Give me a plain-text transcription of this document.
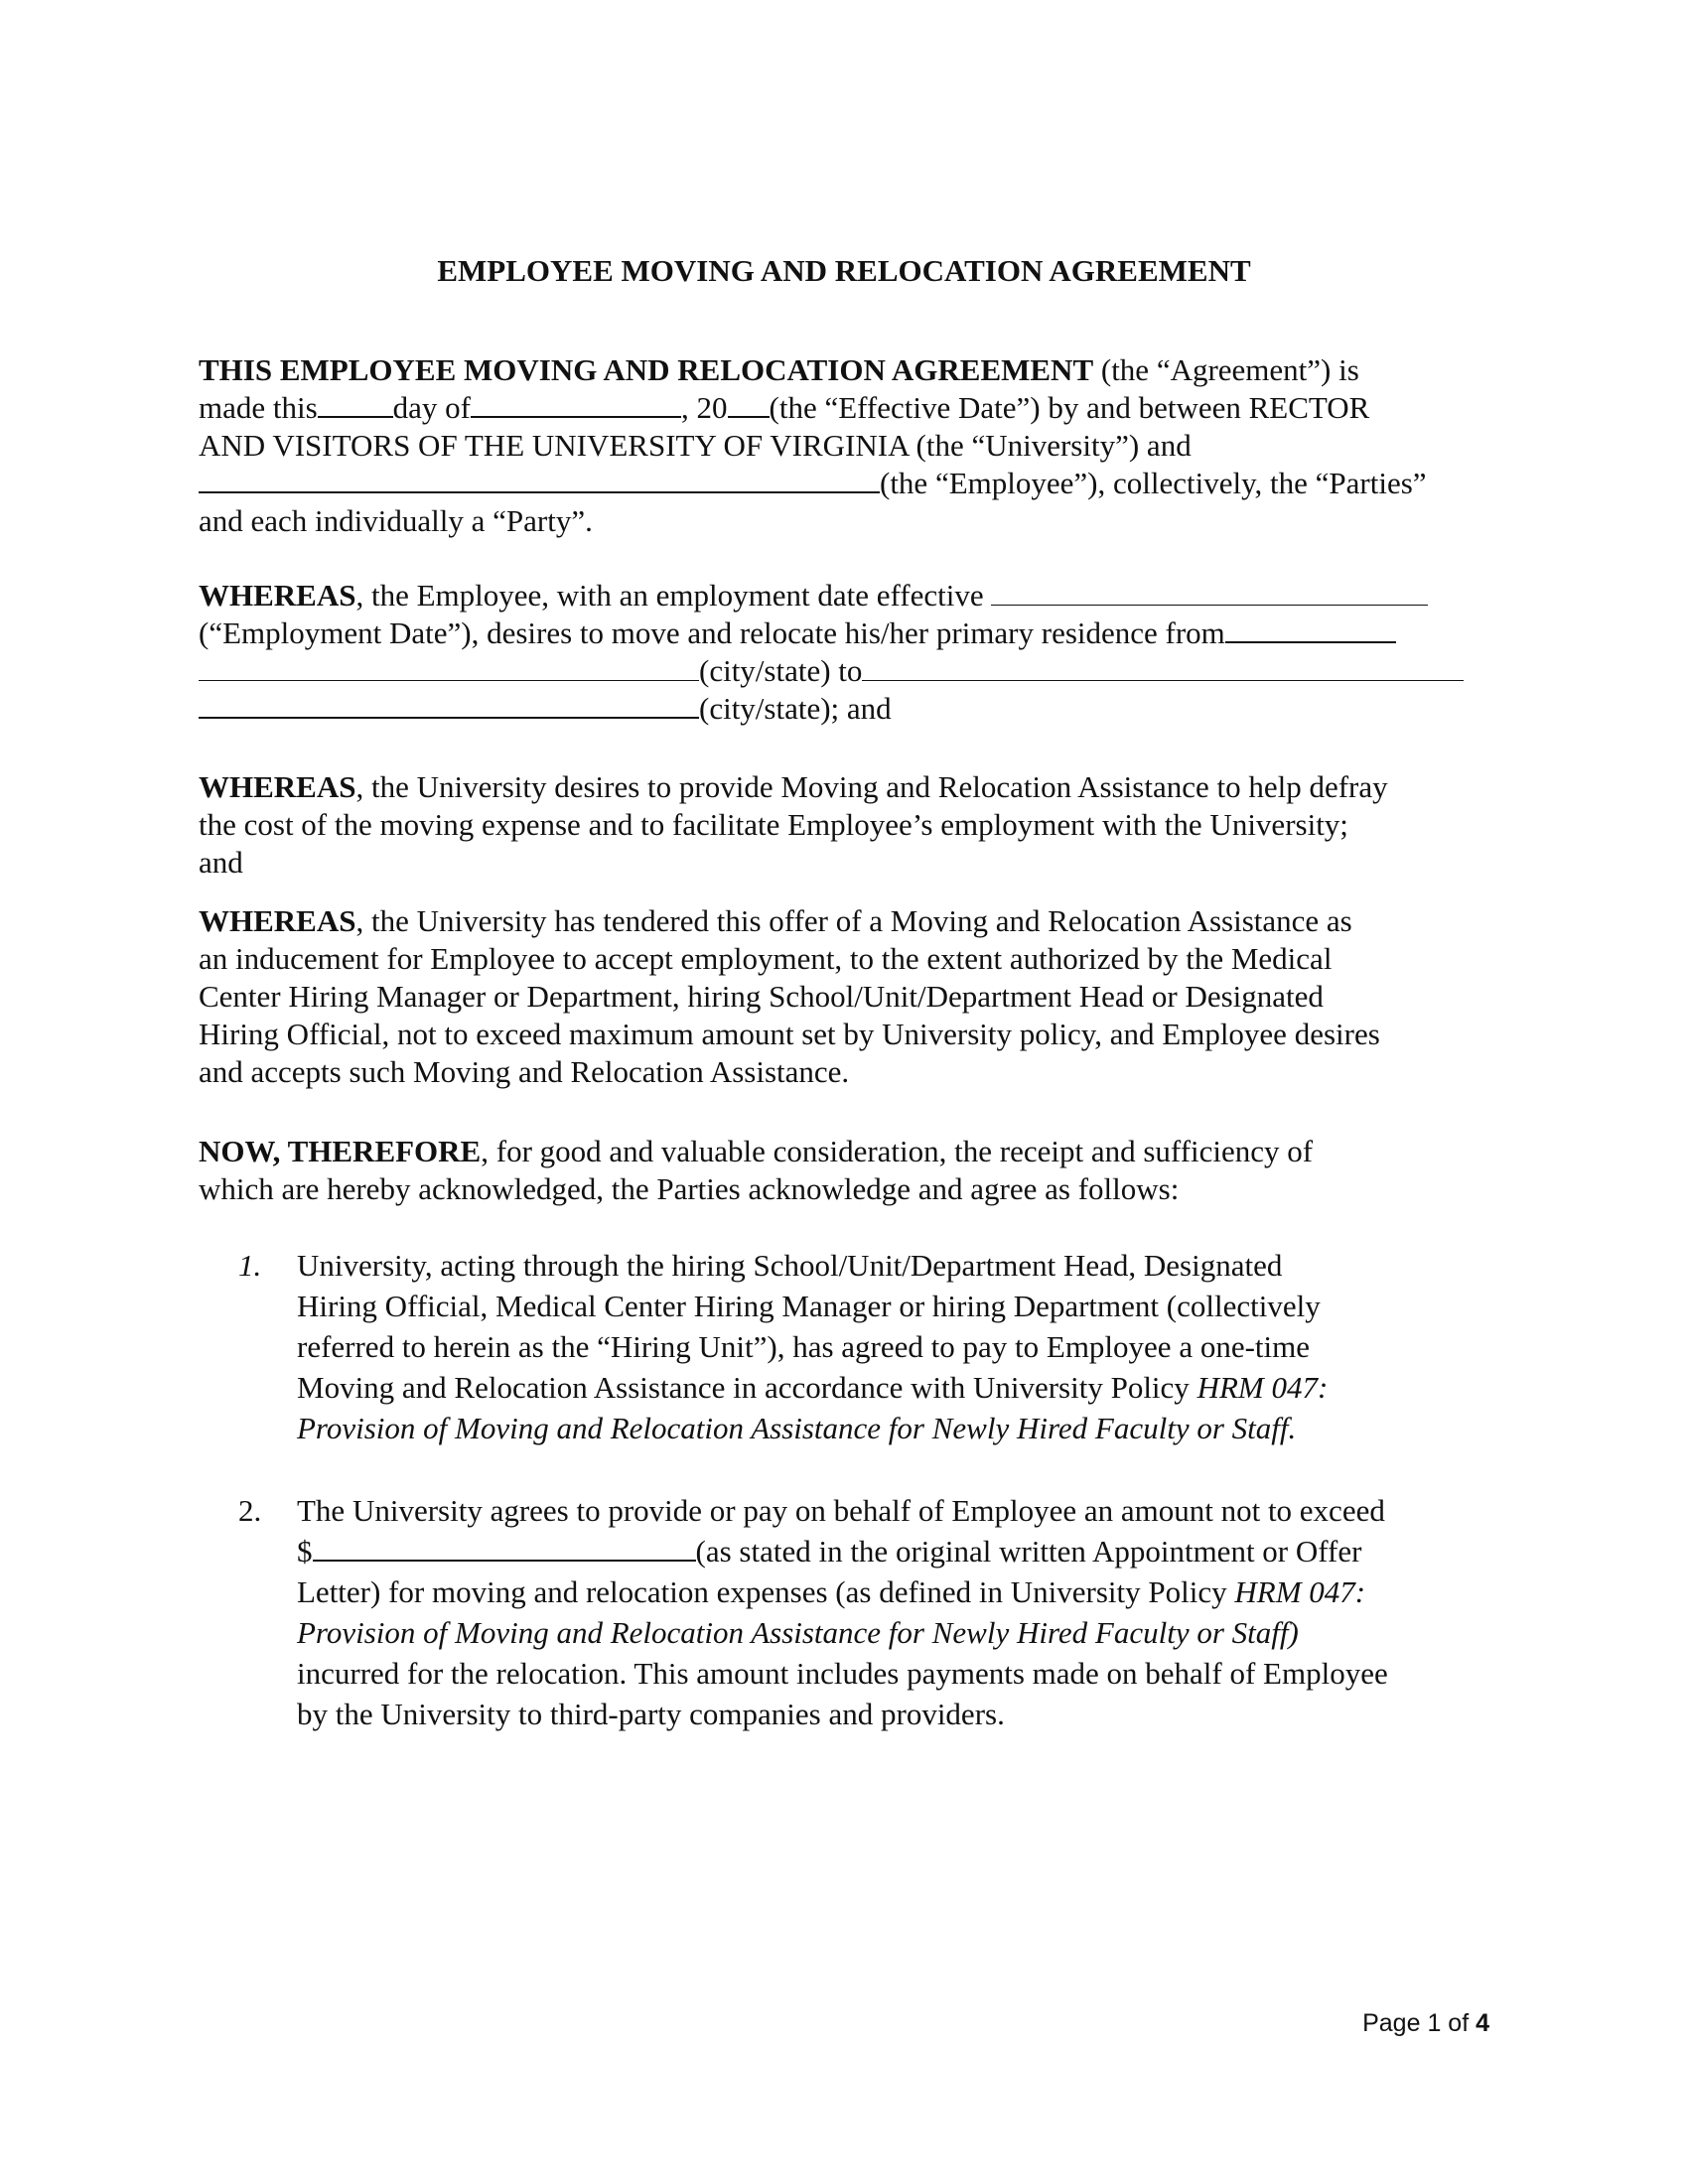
EMPLOYEE MOVING AND RELOCATION AGREEMENT
THIS EMPLOYEE MOVING AND RELOCATION AGREEMENT (the “Agreement”) is
made this day of	, 20 (the “Effective Date”) by and between RECTOR
AND VISITORS OF THE UNIVERSITY OF VIRGINIA (the “University”) and
(the “Employee”), collectively, the “Parties”
and each individually a “Party”.
WHEREAS, the Employee, with an employment date effective
(“Employment Date”), desires to move and relocate his/her primary residence from
(city/state) to
(city/state); and
WHEREAS, the University desires to provide Moving and Relocation Assistance to help defray
the cost of the moving expense and to facilitate Employee’s employment with the University;
and
WHEREAS, the University has tendered this offer of a Moving and Relocation Assistance as
an inducement for Employee to accept employment, to the extent authorized by the Medical
Center Hiring Manager or Department, hiring School/Unit/Department Head or Designated
Hiring Official, not to exceed maximum amount set by University policy, and Employee desires
and accepts such Moving and Relocation Assistance.
NOW, THEREFORE, for good and valuable consideration, the receipt and sufficiency of
which are hereby acknowledged, the Parties acknowledge and agree as follows:
1. University, acting through the hiring School/Unit/Department Head, Designated
Hiring Official, Medical Center Hiring Manager or hiring Department (collectively
referred to herein as the “Hiring Unit”), has agreed to pay to Employee a one-time
Moving and Relocation Assistance in accordance with University Policy HRM 047:
Provision of Moving and Relocation Assistance for Newly Hired Faculty or Staff.
2. The University agrees to provide or pay on behalf of Employee an amount not to exceed
$	(as stated in the original written Appointment or Offer
Letter) for moving and relocation expenses (as defined in University Policy HRM 047:
Provision of Moving and Relocation Assistance for Newly Hired Faculty or Staff)
incurred for the relocation. This amount includes payments made on behalf of Employee
by the University to third-party companies and providers.
Page 1 of 4
